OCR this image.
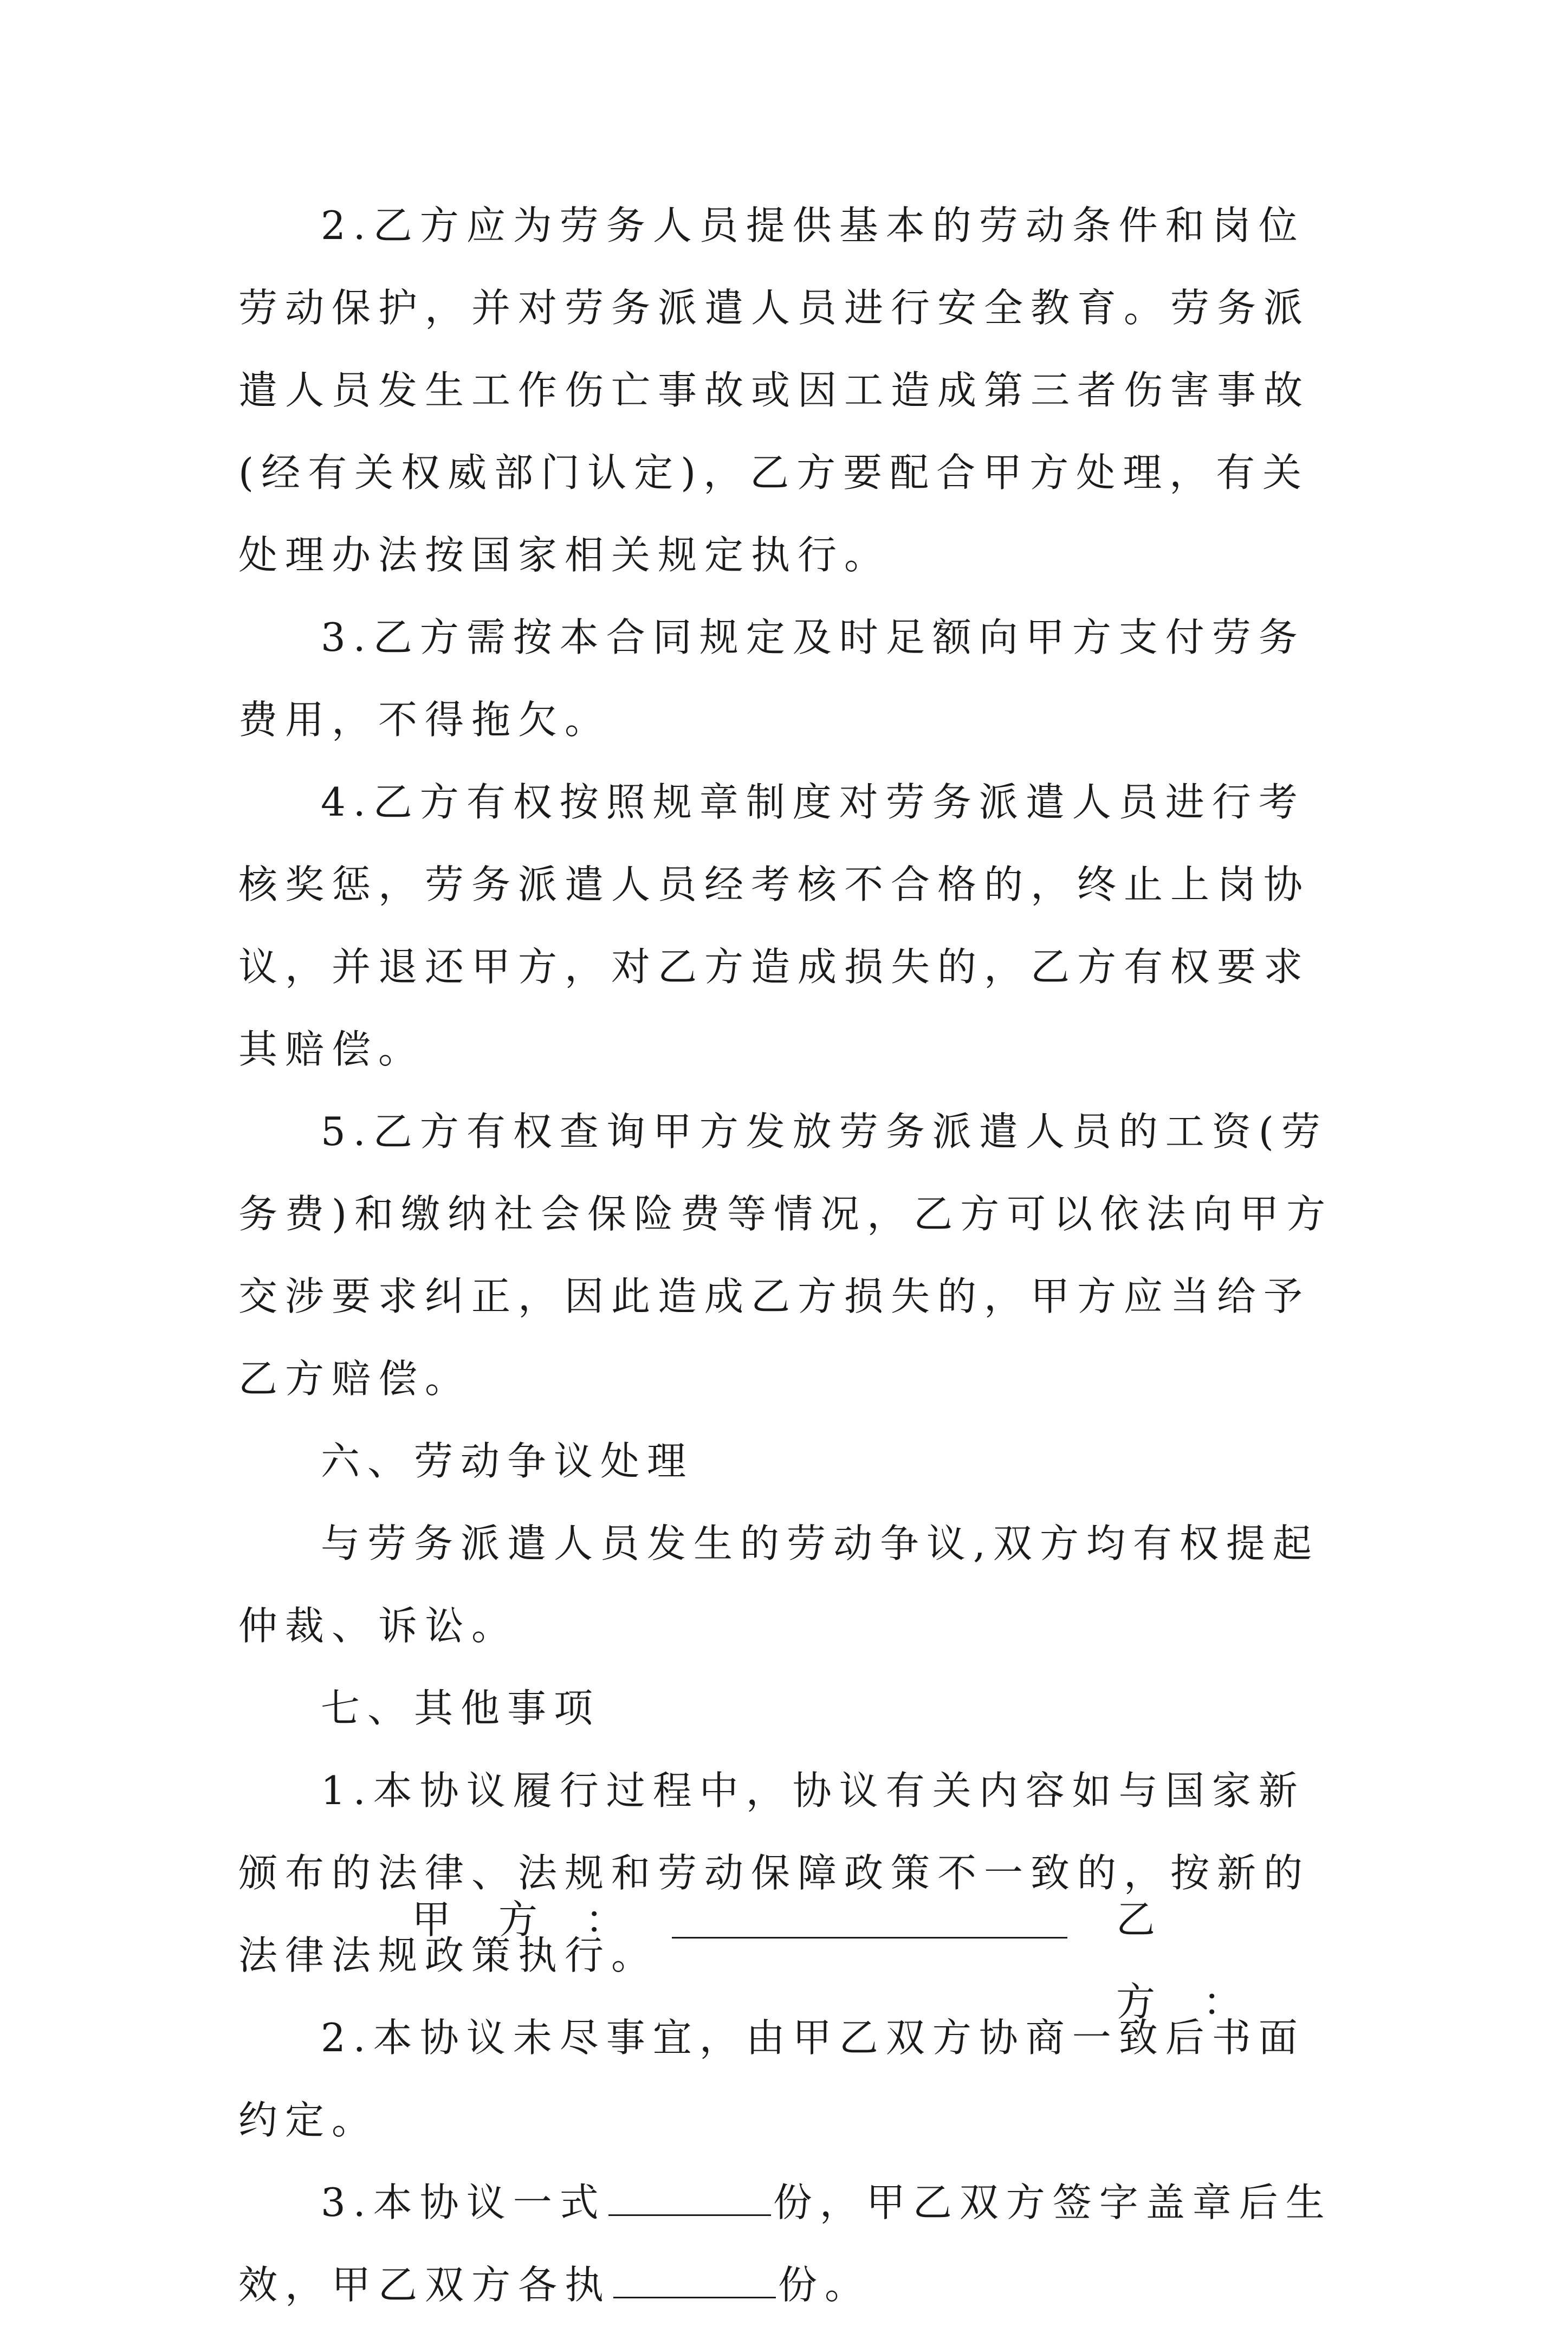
2.乙方应为劳务人员提供基本的劳动条件和岗位劳动保护，并对劳务派遣人员进行安全教育。劳务派遣人员发生工作伤亡事故或因工造成第三者伤害事故(经有关权威部门认定)，乙方要配合甲方处理，有关处理办法按国家相关规定执行。

3.乙方需按本合同规定及时足额向甲方支付劳务费用，不得拖欠。

4.乙方有权按照规章制度对劳务派遣人员进行考核奖惩，劳务派遣人员经考核不合格的，终止上岗协议，并退还甲方，对乙方造成损失的，乙方有权要求其赔偿。

5.乙方有权查询甲方发放劳务派遣人员的工资(劳务费)和缴纳社会保险费等情况，乙方可以依法向甲方交涉要求纠正，因此造成乙方损失的，甲方应当给予乙方赔偿。

六、劳动争议处理

与劳务派遣人员发生的劳动争议,双方均有权提起仲裁、诉讼。

七、其他事项

1.本协议履行过程中，协议有关内容如与国家新颁布的法律、法规和劳动保障政策不一致的，按新的法律法规政策执行。

2.本协议未尽事宜，由甲乙双方协商一致后书面约定。

3.本协议一式	份，甲乙双方签字盖章后生效，甲乙双方各执	份。

甲方：	乙方：
